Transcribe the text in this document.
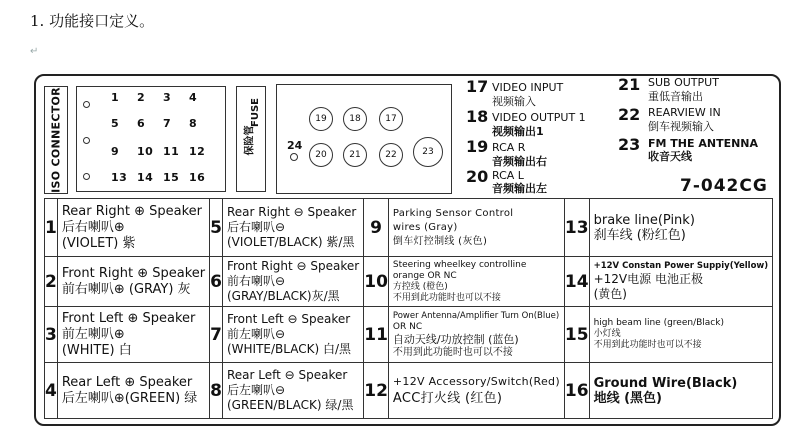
1. 功能接口定义。
↵
ISO CONNECTOR	1 2 3 4
5 6 7 8
9 10 11 12
13 14 15 16
保险管
FUSE
24
19	18	17
20	21	22	23
17 VIDEO INPUT
视频输入
18 VIDEO OUTPUT 1
视频输出1
19 RCA R
音频输出右
20 RCA L
音频输出左
21 SUB OUTPUT
重低音输出
22 REARVIEW IN
倒车视频输入
23 FM THE ANTENNA
收音天线
7-042CG
1	Rear Right ⊕ Speaker
后右喇叭⊕
(VIOLET) 紫	5	Rear Right ⊖ Speaker
后右喇叭⊖
(VIOLET/BLACK) 紫/黑	9	Parking Sensor Control
wires (Gray)
倒车灯控制线 (灰色)	13	brake line(Pink)
刹车线 (粉红色)

2	Front Right ⊕ Speaker
前右喇叭⊕ (GRAY) 灰	6	Front Right ⊖ Speaker
前右喇叭⊖
(GRAY/BLACK)灰/黑	10	Steering wheelkey controlline
orange OR NC
方控线 (橙色)
不用到此功能时也可以不接	14	+12V Constan Power Suppiy(Yellow)
+12V电源 电池正极
(黄色)

3	Front Left ⊕ Speaker
前左喇叭⊕
(WHITE) 白	7	Front Left ⊖ Speaker
前左喇叭⊖
(WHITE/BLACK) 白/黑	11	Power Antenna/Amplifier Turn On(Blue)
OR NC
自动天线/功放控制 (蓝色)
不用到此功能时也可以不接	15	high beam line (green/Black)
小灯线
不用到此功能时也可以不接

4	Rear Left ⊕ Speaker
后左喇叭⊕(GREEN) 绿	8	Rear Left ⊖ Speaker
后左喇叭⊖
(GREEN/BLACK) 绿/黑	12	+12V Accessory/Switch(Red)
ACC打火线 (红色)	16	Ground Wire(Black)
地线 (黑色)
